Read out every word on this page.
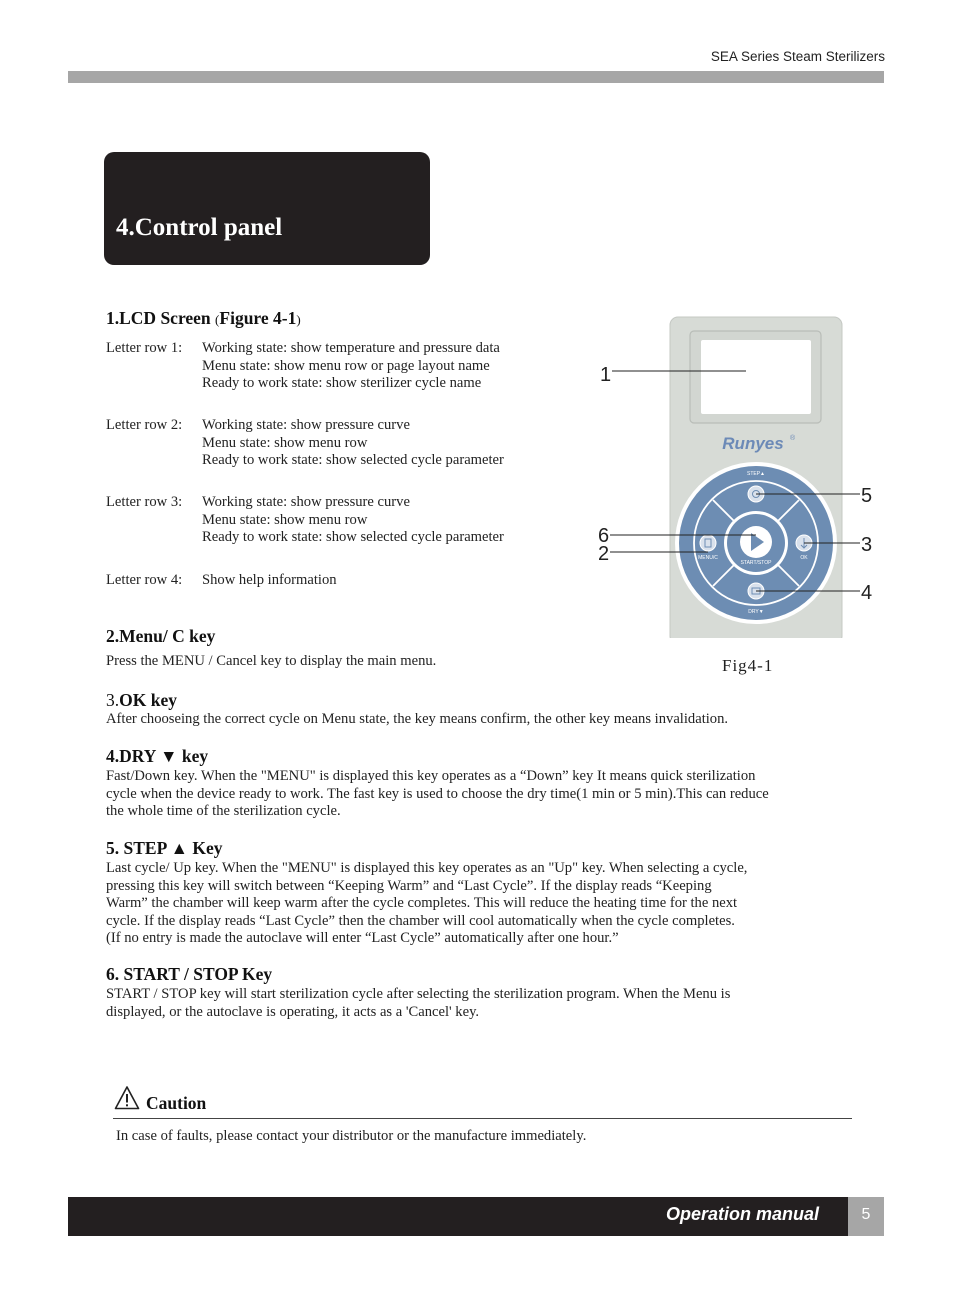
SEA Series Steam Sterilizers
4.Control panel
1.LCD Screen (Figure 4-1)
Letter row 1: Working state: show temperature and pressure data
Menu state: show menu row or page layout name
Ready to work state: show sterilizer cycle name
Letter row 2: Working state: show pressure curve
Menu state: show menu row
Ready to work state: show selected cycle parameter
Letter row 3: Working state: show pressure curve
Menu state: show menu row
Ready to work state: show selected cycle parameter
Letter row 4: Show help information
2.Menu/ C key
Press the MENU / Cancel key to display the main menu.
3.OK key
After chooseing the correct cycle on Menu state, the key means confirm, the other key means invalidation.
4.DRY ▼ key
Fast/Down key. When the "MENU" is displayed this key operates as a “Down” key It means quick sterilization
cycle when the device ready to work. The fast key is used to choose the dry time(1 min or 5 min).This can reduce
the whole time of the sterilization cycle.
5. STEP ▲ Key
Last cycle/ Up key. When the "MENU" is displayed this key operates as an "Up" key. When selecting a cycle,
pressing this key will switch between “Keeping Warm” and “Last Cycle”. If the display reads “Keeping
Warm” the chamber will keep warm after the cycle completes. This will reduce the heating time for the next
cycle. If the display reads “Last Cycle” then the chamber will cool automatically when the cycle completes.
(If no entry is made the autoclave will enter “Last Cycle” automatically after one hour.”
6. START / STOP Key
START / STOP key will start sterilization cycle after selecting the sterilization program. When the Menu is
displayed, or the autoclave is operating, it acts as a 'Cancel' key.
Caution
In case of faults, please contact your distributor or the manufacture immediately.
Runyes ®
START/STOP
STEP▲
DRY▼
MENU/C	OK
1
5
6
2	3
4
Fig4-1
Operation manual	5
